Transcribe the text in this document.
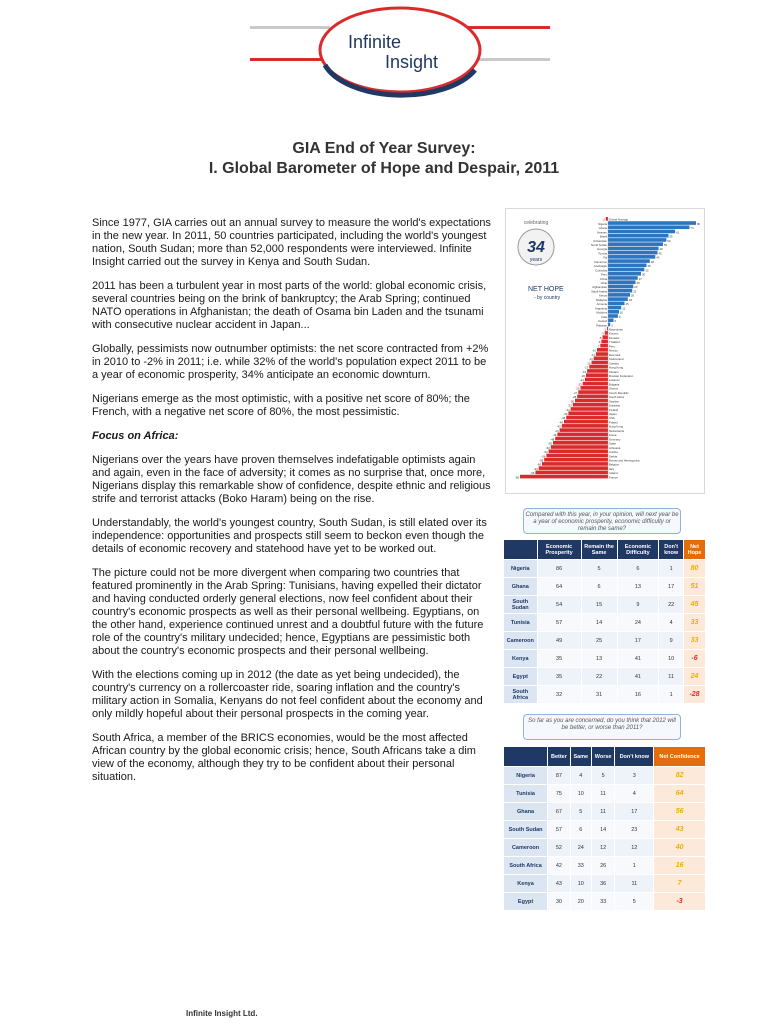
Infinite
Insight
GIA End of Year Survey:
I. Global Barometer of Hope and Despair, 2011

Since 1977, GIA carries out an annual survey to measure the world's expectations in the new year. In 2011, 50 countries participated, including the world's youngest nation, South Sudan; more than 52,000 respondents were interviewed. Infinite Insight carried out the survey in Kenya and South Sudan.

2011 has been a turbulent year in most parts of the world: global economic crisis, several countries being on the brink of bankruptcy; the Arab Spring; continued NATO operations in Afghanistan; the death of Osama bin Laden and the tsunami with consecutive nuclear accident in Japan...

Globally, pessimists now outnumber optimists: the net score contracted from +2% in 2010 to -2% in 2011; i.e. while 32% of the world's population expect 2011 to be a year of economic prosperity, 34% anticipate an economic downturn.

Nigerians emerge as the most optimistic, with a positive net score of 80%; the French, with a negative net score of 80%, the most pessimistic.

Focus on Africa:

Nigerians over the years have proven themselves indefatigable optimists again and again, even in the face of adversity; it comes as no surprise that, once more, Nigerians display this remarkable show of confidence, despite ethnic and religious strife and terrorist attacks (Boko Haram) being on the rise.

Understandably, the world's youngest country, South Sudan, is still elated over its independence: opportunities and prospects still seem to beckon even though the details of economic recovery and statehood have yet to be worked out.

The picture could not be more divergent when comparing two countries that featured prominently in the Arab Spring: Tunisians, having expelled their dictator and having conducted orderly general elections, now feel confident about their country's economic prospects as well as their personal wellbeing. Egyptians, on the other hand, experience continued unrest and a doubtful future with the future role of the country's military undecided; hence, Egyptians are pessimistic both about the country's economic prospects and their personal wellbeing.

With the elections coming up in 2012 (the date as yet being undecided), the country's currency on a rollercoaster ride, soaring inflation and the country's military action in Somalia, Kenyans do not feel confident about the economy and only mildly hopeful about their personal prospects in the coming year.

South Africa, a member of the BRICS economies, would be the most affected African country by the global economic crisis; hence, South Africans take a dim view of the economy, although they try to be confident about their personal situation.

celebrating
34
years
NET HOPE
- by country
Global Average
-2
Nigeria	80
Ghana	74
Vietnam	61
Brazil	55
Uzbekistan	53
South Sudan	50
Georgia	46
Tunisia	45
Fiji	43
Cameroon	38
Azerbaijan	35
Colombia	33
Peru	30
China	27
Chile	25
Afghanistan	23
Saudi Arabia	22
Kenya	20
Malaysia	18
Armenia	15
Argentina	12
Moldova	10
India	9
Iceland	5
Pakistan 2
Macedonia
-1
Kosovo
-3
Ecuador
-5
Thailand
-6
Peru
-7
Mexico
-10
Denmark
-11
Switzerland
-13
Canada
-15
Hong Kong
-17
Ukraine
-19
Russian Federation
-20
Lebanon
-21
Bulgaria
-23
Greece
-25
Czech Republic
-27
South Africa
-28
Sweden
-30
Australia
-32
Finland
-34
Japan
-36
USA
-38
Poland
-40
Hong Kong
-42
Netherlands
-44
Korea
-46
Germany
-48
Spain
-50
Lithuania
-52
Austria
-54
Serbia
-56
Bosnia and Herzegovina
-58
Belgium
-60
Italy
-63
Ireland
-66
France
-80
Compared with this year, in your opinion, will next year be a year of economic prosperity, economic difficulty or remain the same?
	Economic Prosperity	Remain the Same	Economic Difficulty	Don't know	Net Hope
Nigeria	86	5	6	1	80
Ghana	64	6	13	17	51
South Sudan	54	15	9	22	45
Tunisia	57	14	24	4	33
Cameroon	49	25	17	9	33
Kenya	35	13	41	10	-6
Egypt	35	22	41	11	24
South Africa	32	31	16	1	-28
So far as you are concerned, do you think that 2012 will be better, or worse than 2011?
	Better	Same	Worse	Don't know	Net Confidence
Nigeria	87	4	5	3	82
Tunisia	75	10	11	4	64
Ghana	67	5	11	17	56
South Sudan	57	6	14	23	43
Cameroon	52	24	12	12	40
South Africa	42	33	26	1	16
Kenya	43	10	36	11	7
Egypt	30	20	33	5	-3
Infinite Insight Ltd.
